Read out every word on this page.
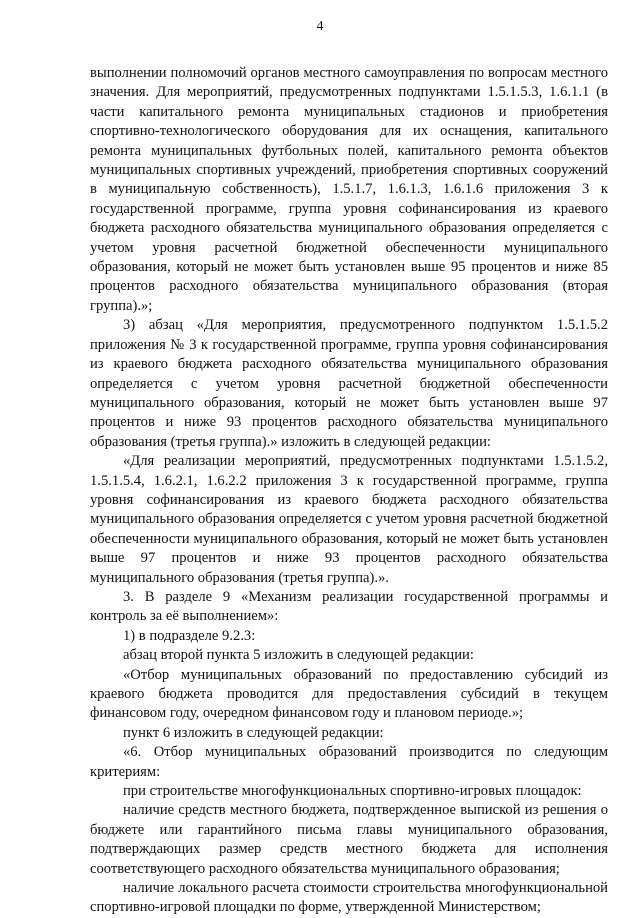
4

выполнении полномочий органов местного самоуправления по вопросам местного значения. Для мероприятий, предусмотренных подпунктами 1.5.1.5.3, 1.6.1.1 (в части капитального ремонта муниципальных стадионов и приобретения спортивно-технологического оборудования для их оснащения, капитального ремонта муниципальных футбольных полей, капитального ремонта объектов муниципальных спортивных учреждений, приобретения спортивных сооружений в муниципальную собственность), 1.5.1.7, 1.6.1.3, 1.6.1.6 приложения 3 к государственной программе, группа уровня софинансирования из краевого бюджета расходного обязательства муниципального образования определяется с учетом уровня расчетной бюджетной обеспеченности муниципального образования, который не может быть установлен выше 95 процентов и ниже 85 процентов расходного обязательства муниципального образования (вторая группа).»;

3) абзац «Для мероприятия, предусмотренного подпунктом 1.5.1.5.2 приложения № 3 к государственной программе, группа уровня софинансирования из краевого бюджета расходного обязательства муниципального образования определяется с учетом уровня расчетной бюджетной обеспеченности муниципального образования, который не может быть установлен выше 97 процентов и ниже 93 процентов расходного обязательства муниципального образования (третья группа).» изложить в следующей редакции:

«Для реализации мероприятий, предусмотренных подпунктами 1.5.1.5.2, 1.5.1.5.4, 1.6.2.1, 1.6.2.2 приложения 3 к государственной программе, группа уровня софинансирования из краевого бюджета расходного обязательства муниципального образования определяется с учетом уровня расчетной бюджетной обеспеченности муниципального образования, который не может быть установлен выше 97 процентов и ниже 93 процентов расходного обязательства муниципального образования (третья группа).».

3. В разделе 9 «Механизм реализации государственной программы и контроль за её выполнением»:

1) в подразделе 9.2.3:

абзац второй пункта 5 изложить в следующей редакции:

«Отбор муниципальных образований по предоставлению субсидий из краевого бюджета проводится для предоставления субсидий в текущем финансовом году, очередном финансовом году и плановом периоде.»;

пункт 6 изложить в следующей редакции:

«6. Отбор муниципальных образований производится по следующим критериям:

при строительстве многофункциональных спортивно-игровых площадок:

наличие средств местного бюджета, подтвержденное выпиской из решения о бюджете или гарантийного письма главы муниципального образования, подтверждающих размер средств местного бюджета для исполнения соответствующего расходного обязательства муниципального образования;

наличие локального расчета стоимости строительства многофункциональной спортивно-игровой площадки по форме, утвержденной Министерством;
